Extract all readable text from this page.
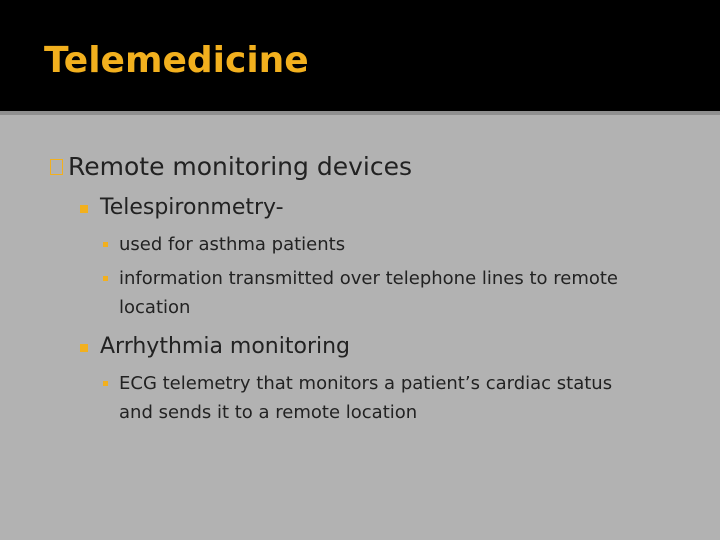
Telemedicine
Remote monitoring devices
Telespironmetry-
used for asthma patients
information transmitted over telephone lines to remote
location
Arrhythmia monitoring
ECG telemetry that monitors a patient’s cardiac status
and sends it to a remote location
